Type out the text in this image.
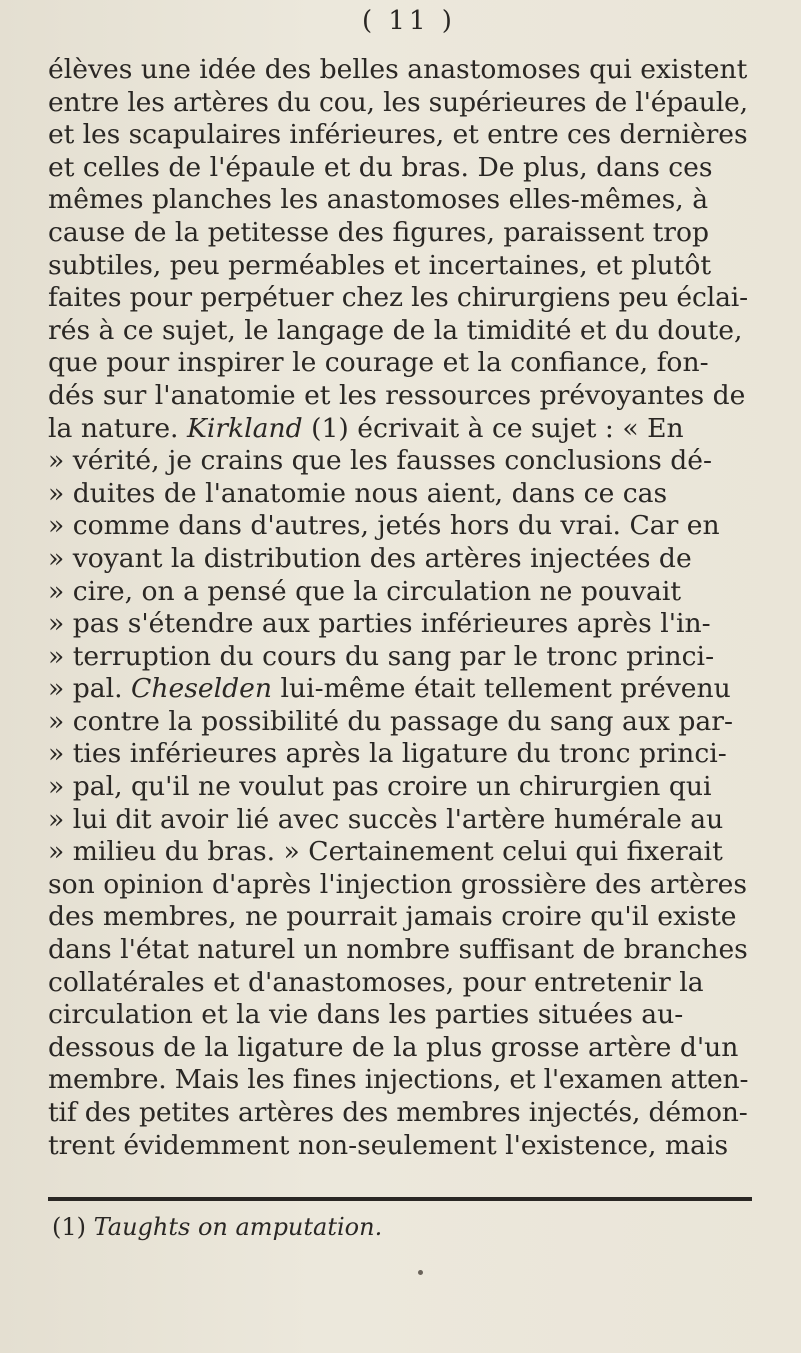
( 11 )
élèves une idée des belles anastomoses qui existent
entre les artères du cou, les supérieures de l'épaule,
et les scapulaires inférieures, et entre ces dernières
et celles de l'épaule et du bras. De plus, dans ces
mêmes planches les anastomoses elles-mêmes, à
cause de la petitesse des figures, paraissent trop
subtiles, peu perméables et incertaines, et plutôt
faites pour perpétuer chez les chirurgiens peu éclai-
rés à ce sujet, le langage de la timidité et du doute,
que pour inspirer le courage et la confiance, fon-
dés sur l'anatomie et les ressources prévoyantes de
la nature. Kirkland (1) écrivait à ce sujet : « En
» vérité, je crains que les fausses conclusions dé-
» duites de l'anatomie nous aient, dans ce cas
» comme dans d'autres, jetés hors du vrai. Car en
» voyant la distribution des artères injectées de
» cire, on a pensé que la circulation ne pouvait
» pas s'étendre aux parties inférieures après l'in-
» terruption du cours du sang par le tronc princi-
» pal. Cheselden lui-même était tellement prévenu
» contre la possibilité du passage du sang aux par-
» ties inférieures après la ligature du tronc princi-
» pal, qu'il ne voulut pas croire un chirurgien qui
» lui dit avoir lié avec succès l'artère humérale au
» milieu du bras. » Certainement celui qui fixerait
son opinion d'après l'injection grossière des artères
des membres, ne pourrait jamais croire qu'il existe
dans l'état naturel un nombre suffisant de branches
collatérales et d'anastomoses, pour entretenir la
circulation et la vie dans les parties situées au-
dessous de la ligature de la plus grosse artère d'un
membre. Mais les fines injections, et l'examen atten-
tif des petites artères des membres injectés, démon-
trent évidemment non-seulement l'existence, mais
(1) Taughts on amputation.
